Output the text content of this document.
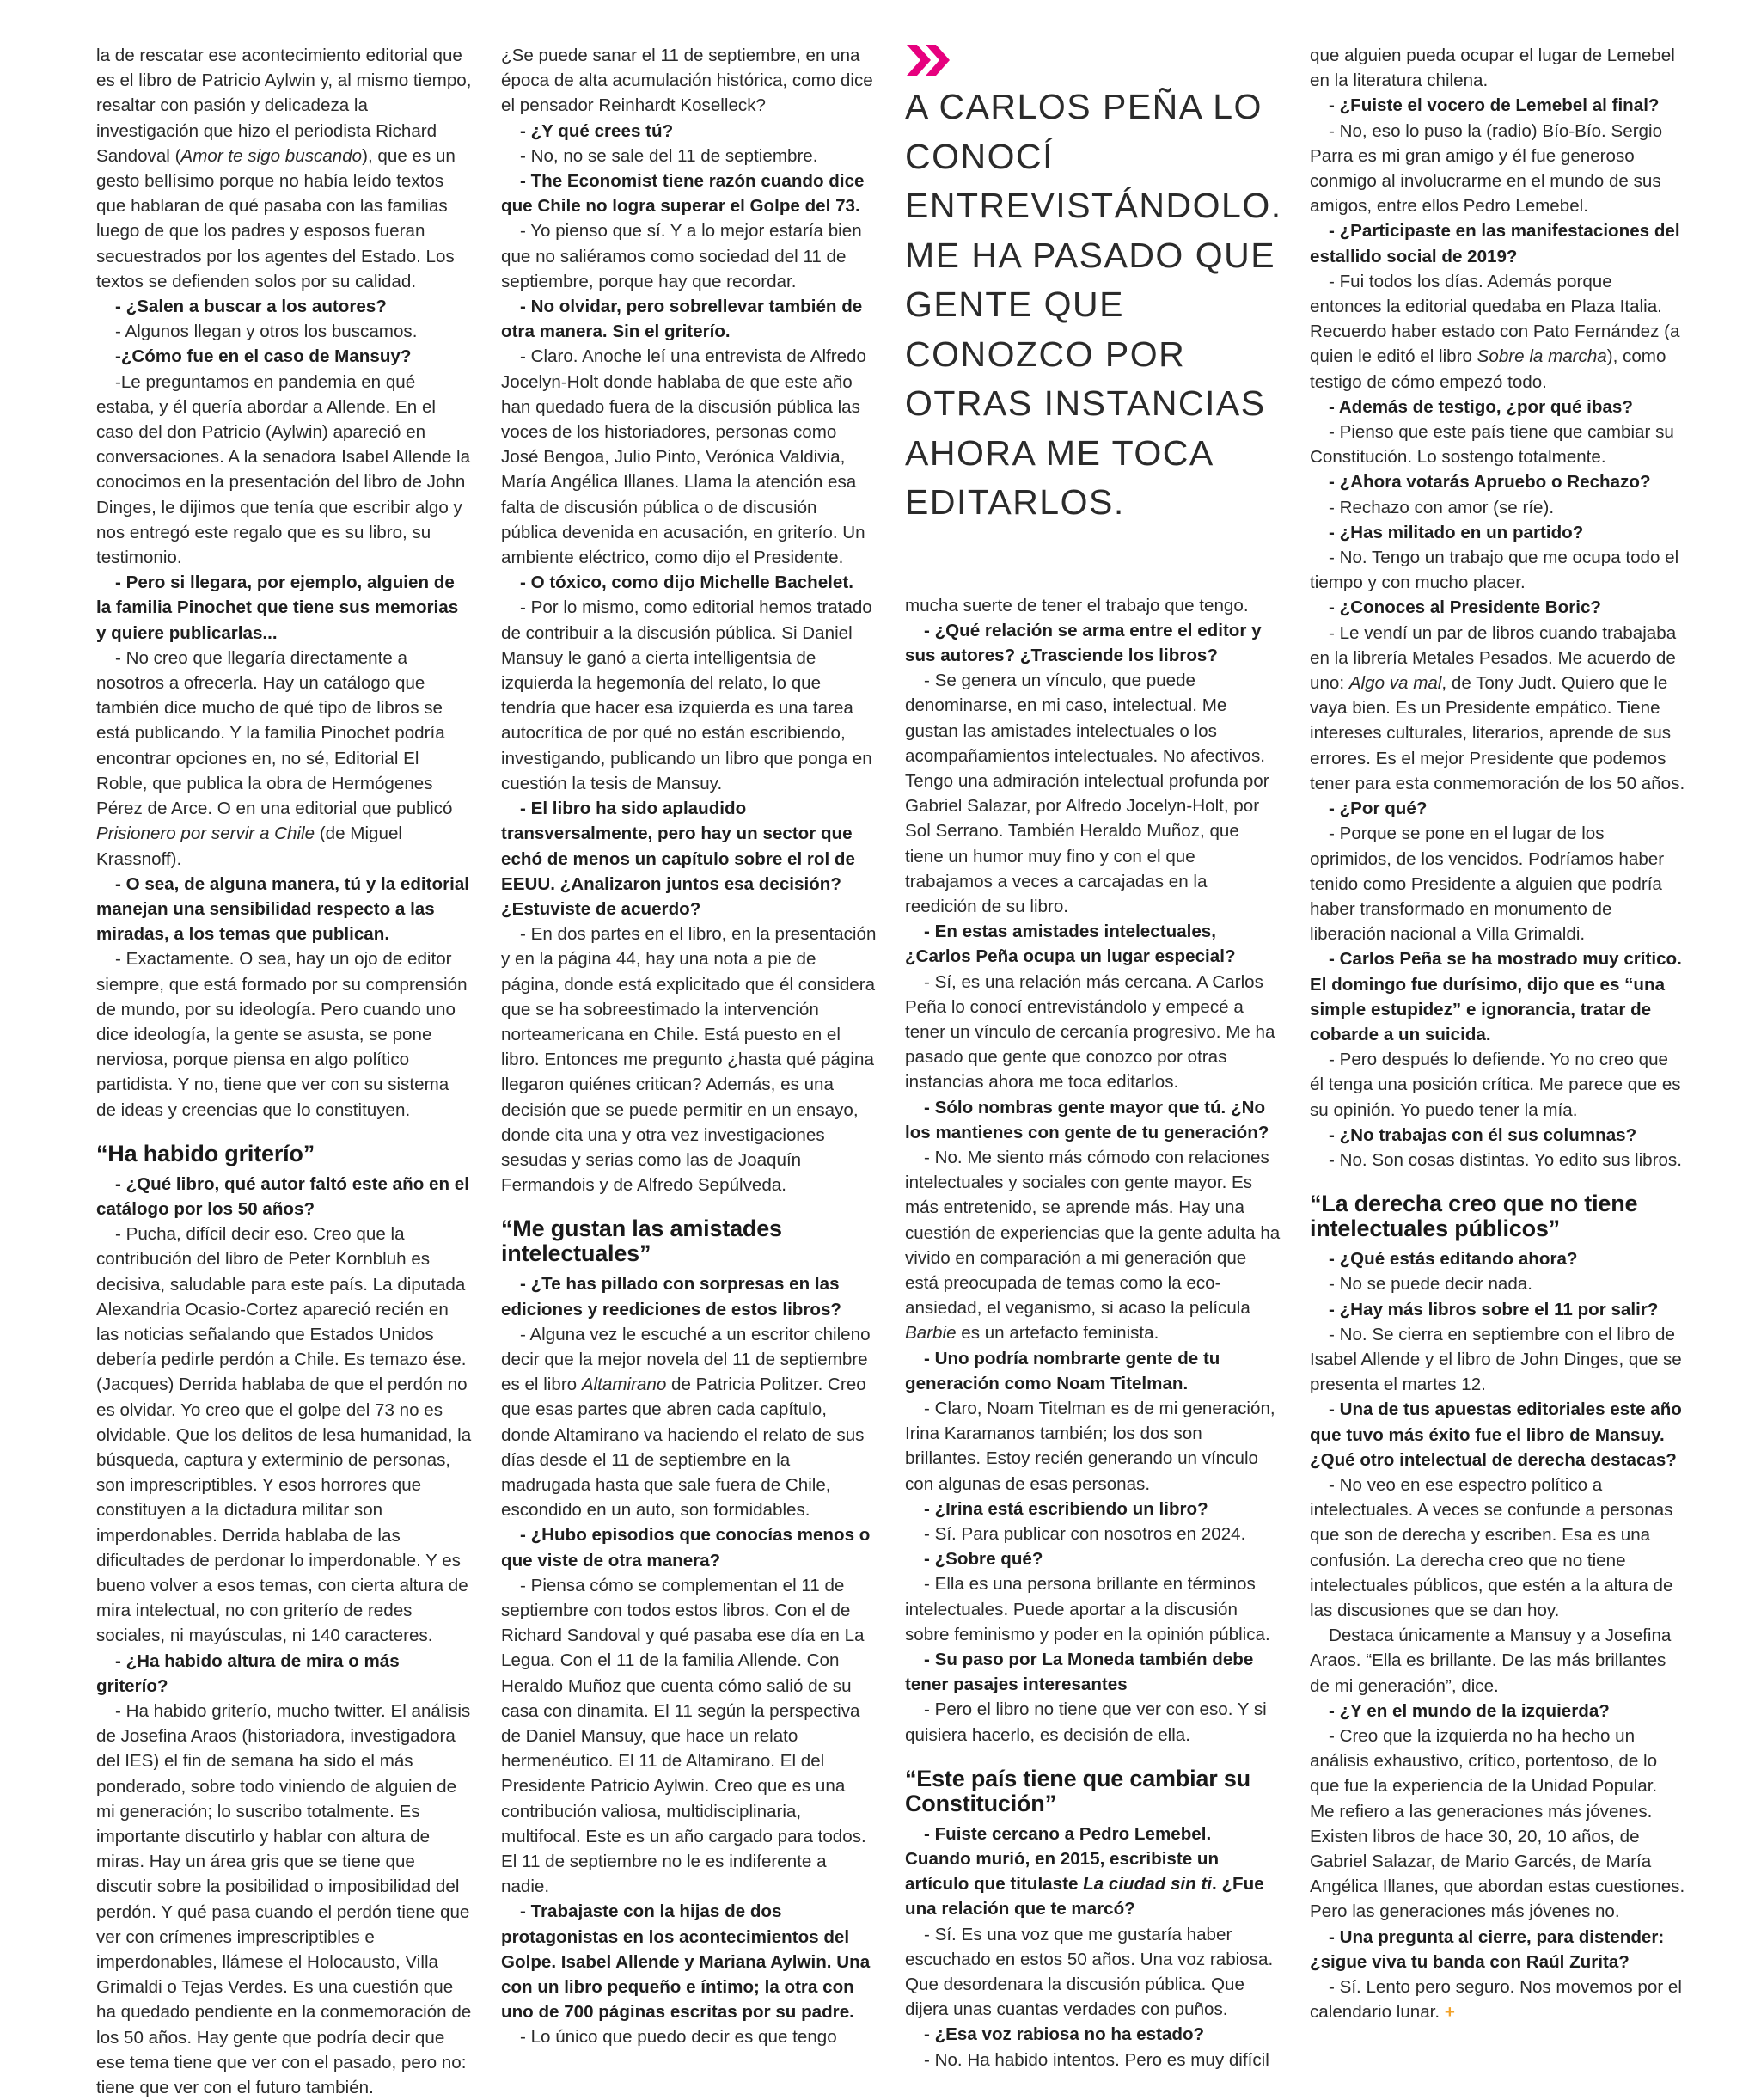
la de rescatar ese acontecimiento editorial que es el libro de Patricio Aylwin y, al mismo tiempo, resaltar con pasión y delicadeza la investigación que hizo el periodista Richard Sandoval (Amor te sigo buscando), que es un gesto bellísimo porque no había leído textos que hablaran de qué pasaba con las familias luego de que los padres y esposos fueran secuestrados por los agentes del Estado. Los textos se defienden solos por su calidad.

- ¿Salen a buscar a los autores?

- Algunos llegan y otros los buscamos.

-¿Cómo fue en el caso de Mansuy?

-Le preguntamos en pandemia en qué estaba, y él quería abordar a Allende. En el caso del don Patricio (Aylwin) apareció en conversaciones. A la senadora Isabel Allende la conocimos en la presentación del libro de John Dinges, le dijimos que tenía que escribir algo y nos entregó este regalo que es su libro, su testimonio.

- Pero si llegara, por ejemplo, alguien de la familia Pinochet que tiene sus memorias y quiere publicarlas...

- No creo que llegaría directamente a nosotros a ofrecerla. Hay un catálogo que también dice mucho de qué tipo de libros se está publicando. Y la familia Pinochet podría encontrar opciones en, no sé, Editorial El Roble, que publica la obra de Hermógenes Pérez de Arce. O en una editorial que publicó Prisionero por servir a Chile (de Miguel Krassnoff).

- O sea, de alguna manera, tú y la editorial manejan una sensibilidad respecto a las miradas, a los temas que publican.

- Exactamente. O sea, hay un ojo de editor siempre, que está formado por su comprensión de mundo, por su ideología. Pero cuando uno dice ideología, la gente se asusta, se pone nerviosa, porque piensa en algo político partidista. Y no, tiene que ver con su sistema de ideas y creencias que lo constituyen.

“Ha habido griterío”

- ¿Qué libro, qué autor faltó este año en el catálogo por los 50 años?

- Pucha, difícil decir eso. Creo que la contribución del libro de Peter Kornbluh es decisiva, saludable para este país. La diputada Alexandria Ocasio-Cortez apareció recién en las noticias señalando que Estados Unidos debería pedirle perdón a Chile. Es temazo ése. (Jacques) Derrida hablaba de que el perdón no es olvidar. Yo creo que el golpe del 73 no es olvidable. Que los delitos de lesa humanidad, la búsqueda, captura y exterminio de personas, son imprescriptibles. Y esos horrores que constituyen a la dictadura militar son imperdonables. Derrida hablaba de las dificultades de perdonar lo imperdonable. Y es bueno volver a esos temas, con cierta altura de mira intelectual, no con griterío de redes sociales, ni mayúsculas, ni 140 caracteres.

- ¿Ha habido altura de mira o más griterío?

- Ha habido griterío, mucho twitter. El análisis de Josefina Araos (historiadora, investigadora del IES) el fin de semana ha sido el más ponderado, sobre todo viniendo de alguien de mi generación; lo suscribo totalmente. Es importante discutirlo y hablar con altura de miras. Hay un área gris que se tiene que discutir sobre la posibilidad o imposibilidad del perdón. Y qué pasa cuando el perdón tiene que ver con crímenes imprescriptibles e imperdonables, llámese el Holocausto, Villa Grimaldi o Tejas Verdes. Es una cuestión que ha quedado pendiente en la conmemoración de los 50 años. Hay gente que podría decir que ese tema tiene que ver con el pasado, pero no: tiene que ver con el futuro también.

¿Se puede sanar el 11 de septiembre, en una época de alta acumulación histórica, como dice el pensador Reinhardt Koselleck?

- ¿Y qué crees tú?

- No, no se sale del 11 de septiembre.

- The Economist tiene razón cuando dice que Chile no logra superar el Golpe del 73.

- Yo pienso que sí. Y a lo mejor estaría bien que no saliéramos como sociedad del 11 de septiembre, porque hay que recordar.

- No olvidar, pero sobrellevar también de otra manera. Sin el griterío.

- Claro. Anoche leí una entrevista de Alfredo Jocelyn-Holt donde hablaba de que este año han quedado fuera de la discusión pública las voces de los historiadores, personas como José Bengoa, Julio Pinto, Verónica Valdivia, María Angélica Illanes. Llama la atención esa falta de discusión pública o de discusión pública devenida en acusación, en griterío. Un ambiente eléctrico, como dijo el Presidente.

- O tóxico, como dijo Michelle Bachelet.

- Por lo mismo, como editorial hemos tratado de contribuir a la discusión pública. Si Daniel Mansuy le ganó a cierta intelligentsia de izquierda la hegemonía del relato, lo que tendría que hacer esa izquierda es una tarea autocrítica de por qué no están escribiendo, investigando, publicando un libro que ponga en cuestión la tesis de Mansuy.

- El libro ha sido aplaudido transversalmente, pero hay un sector que echó de menos un capítulo sobre el rol de EEUU. ¿Analizaron juntos esa decisión? ¿Estuviste de acuerdo?

- En dos partes en el libro, en la presentación y en la página 44, hay una nota a pie de página, donde está explicitado que él considera que se ha sobreestimado la intervención norteamericana en Chile. Está puesto en el libro. Entonces me pregunto ¿hasta qué página llegaron quiénes critican? Además, es una decisión que se puede permitir en un ensayo, donde cita una y otra vez investigaciones sesudas y serias como las de Joaquín Fermandois y de Alfredo Sepúlveda.

“Me gustan las amistades intelectuales”

- ¿Te has pillado con sorpresas en las ediciones y reediciones de estos libros?

- Alguna vez le escuché a un escritor chileno decir que la mejor novela del 11 de septiembre es el libro Altamirano de Patricia Politzer. Creo que esas partes que abren cada capítulo, donde Altamirano va haciendo el relato de sus días desde el 11 de septiembre en la madrugada hasta que sale fuera de Chile, escondido en un auto, son formidables.

- ¿Hubo episodios que conocías menos o que viste de otra manera?

- Piensa cómo se complementan el 11 de septiembre con todos estos libros. Con el de Richard Sandoval y qué pasaba ese día en La Legua. Con el 11 de la familia Allende. Con Heraldo Muñoz que cuenta cómo salió de su casa con dinamita. El 11 según la perspectiva de Daniel Mansuy, que hace un relato hermenéutico. El 11 de Altamirano. El del Presidente Patricio Aylwin. Creo que es una contribución valiosa, multidisciplinaria, multifocal. Este es un año cargado para todos. El 11 de septiembre no le es indiferente a nadie.

- Trabajaste con la hijas de dos protagonistas en los acontecimientos del Golpe. Isabel Allende y Mariana Aylwin. Una con un libro pequeño e íntimo; la otra con uno de 700 páginas escritas por su padre.

- Lo único que puedo decir es que tengo

A CARLOS PEÑA LO CONOCÍ ENTREVISTÁNDOLO. ME HA PASADO QUE GENTE QUE CONOZCO POR OTRAS INSTANCIAS AHORA ME TOCA EDITARLOS.

mucha suerte de tener el trabajo que tengo.

- ¿Qué relación se arma entre el editor y sus autores? ¿Trasciende los libros?

- Se genera un vínculo, que puede denominarse, en mi caso, intelectual. Me gustan las amistades intelectuales o los acompañamientos intelectuales. No afectivos. Tengo una admiración intelectual profunda por Gabriel Salazar, por Alfredo Jocelyn-Holt, por Sol Serrano. También Heraldo Muñoz, que tiene un humor muy fino y con el que trabajamos a veces a carcajadas en la reedición de su libro.

- En estas amistades intelectuales, ¿Carlos Peña ocupa un lugar especial?

- Sí, es una relación más cercana. A Carlos Peña lo conocí entrevistándolo y empecé a tener un vínculo de cercanía progresivo. Me ha pasado que gente que conozco por otras instancias ahora me toca editarlos.

- Sólo nombras gente mayor que tú. ¿No los mantienes con gente de tu generación?

- No. Me siento más cómodo con relaciones intelectuales y sociales con gente mayor. Es más entretenido, se aprende más. Hay una cuestión de experiencias que la gente adulta ha vivido en comparación a mi generación que está preocupada de temas como la eco-ansiedad, el veganismo, si acaso la película Barbie es un artefacto feminista.

- Uno podría nombrarte gente de tu generación como Noam Titelman.

- Claro, Noam Titelman es de mi generación, Irina Karamanos también; los dos son brillantes. Estoy recién generando un vínculo con algunas de esas personas.

- ¿Irina está escribiendo un libro?

- Sí. Para publicar con nosotros en 2024.

- ¿Sobre qué?

- Ella es una persona brillante en términos intelectuales. Puede aportar a la discusión sobre feminismo y poder en la opinión pública.

- Su paso por La Moneda también debe tener pasajes interesantes

- Pero el libro no tiene que ver con eso. Y si quisiera hacerlo, es decisión de ella.

“Este país tiene que cambiar su Constitución”

- Fuiste cercano a Pedro Lemebel. Cuando murió, en 2015, escribiste un artículo que titulaste La ciudad sin ti. ¿Fue una relación que te marcó?

- Sí. Es una voz que me gustaría haber escuchado en estos 50 años. Una voz rabiosa. Que desordenara la discusión pública. Que dijera unas cuantas verdades con puños.

- ¿Esa voz rabiosa no ha estado?

- No. Ha habido intentos. Pero es muy difícil

que alguien pueda ocupar el lugar de Lemebel en la literatura chilena.

- ¿Fuiste el vocero de Lemebel al final?

- No, eso lo puso la (radio) Bío-Bío. Sergio Parra es mi gran amigo y él fue generoso conmigo al involucrarme en el mundo de sus amigos, entre ellos Pedro Lemebel.

- ¿Participaste en las manifestaciones del estallido social de 2019?

- Fui todos los días. Además porque entonces la editorial quedaba en Plaza Italia. Recuerdo haber estado con Pato Fernández (a quien le editó el libro Sobre la marcha), como testigo de cómo empezó todo.

- Además de testigo, ¿por qué ibas?

- Pienso que este país tiene que cambiar su Constitución. Lo sostengo totalmente.

- ¿Ahora votarás Apruebo o Rechazo?

- Rechazo con amor (se ríe).

- ¿Has militado en un partido?

- No. Tengo un trabajo que me ocupa todo el tiempo y con mucho placer.

- ¿Conoces al Presidente Boric?

- Le vendí un par de libros cuando trabajaba en la librería Metales Pesados. Me acuerdo de uno: Algo va mal, de Tony Judt. Quiero que le vaya bien. Es un Presidente empático. Tiene intereses culturales, literarios, aprende de sus errores. Es el mejor Presidente que podemos tener para esta conmemoración de los 50 años.

- ¿Por qué?

- Porque se pone en el lugar de los oprimidos, de los vencidos. Podríamos haber tenido como Presidente a alguien que podría haber transformado en monumento de liberación nacional a Villa Grimaldi.

- Carlos Peña se ha mostrado muy crítico. El domingo fue durísimo, dijo que es “una simple estupidez” e ignorancia, tratar de cobarde a un suicida.

- Pero después lo defiende. Yo no creo que él tenga una posición crítica. Me parece que es su opinión. Yo puedo tener la mía.

- ¿No trabajas con él sus columnas?

- No. Son cosas distintas. Yo edito sus libros.

“La derecha creo que no tiene intelectuales públicos”

- ¿Qué estás editando ahora?

- No se puede decir nada.

- ¿Hay más libros sobre el 11 por salir?

- No. Se cierra en septiembre con el libro de Isabel Allende y el libro de John Dinges, que se presenta el martes 12.

- Una de tus apuestas editoriales este año que tuvo más éxito fue el libro de Mansuy. ¿Qué otro intelectual de derecha destacas?

- No veo en ese espectro político a intelectuales. A veces se confunde a personas que son de derecha y escriben. Esa es una confusión. La derecha creo que no tiene intelectuales públicos, que estén a la altura de las discusiones que se dan hoy.

Destaca únicamente a Mansuy y a Josefina Araos. “Ella es brillante. De las más brillantes de mi generación”, dice.

- ¿Y en el mundo de la izquierda?

- Creo que la izquierda no ha hecho un análisis exhaustivo, crítico, portentoso, de lo que fue la experiencia de la Unidad Popular. Me refiero a las generaciones más jóvenes. Existen libros de hace 30, 20, 10 años, de Gabriel Salazar, de Mario Garcés, de María Angélica Illanes, que abordan estas cuestiones. Pero las generaciones más jóvenes no.

- Una pregunta al cierre, para distender: ¿sigue viva tu banda con Raúl Zurita?

- Sí. Lento pero seguro. Nos movemos por el calendario lunar. +
